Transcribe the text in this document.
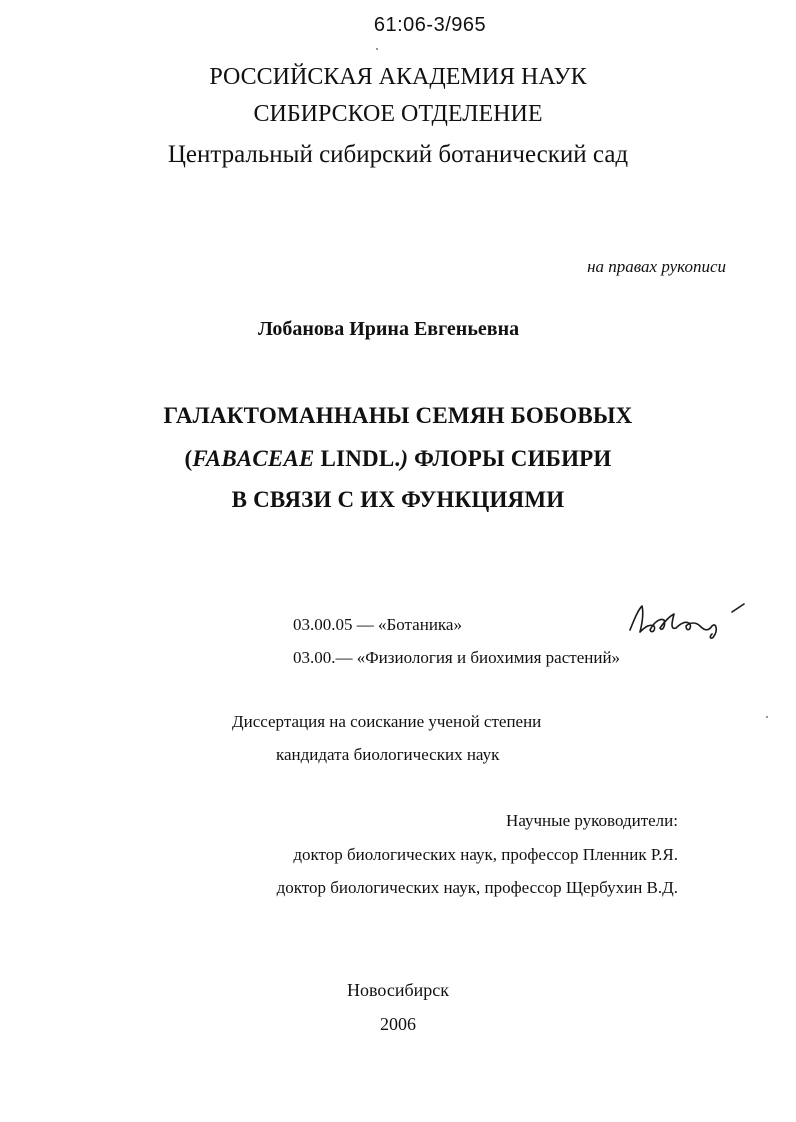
61:06-3/965
РОССИЙСКАЯ АКАДЕМИЯ НАУК
СИБИРСКОЕ ОТДЕЛЕНИЕ
Центральный сибирский ботанический сад
на правах рукописи
Лобанова Ирина Евгеньевна
ГАЛАКТОМАННАНЫ СЕМЯН БОБОВЫХ
(FABACEAE LINDL.) ФЛОРЫ СИБИРИ
В СВЯЗИ С ИХ ФУНКЦИЯМИ
03.00.05 — «Ботаника»
03.00.— «Физиология и биохимия растений»
Диссертация на соискание ученой степени
кандидата биологических наук
Научные руководители:
доктор биологических наук, профессор Пленник Р.Я.
доктор биологических наук, профессор Щербухин В.Д.
Новосибирск
2006
